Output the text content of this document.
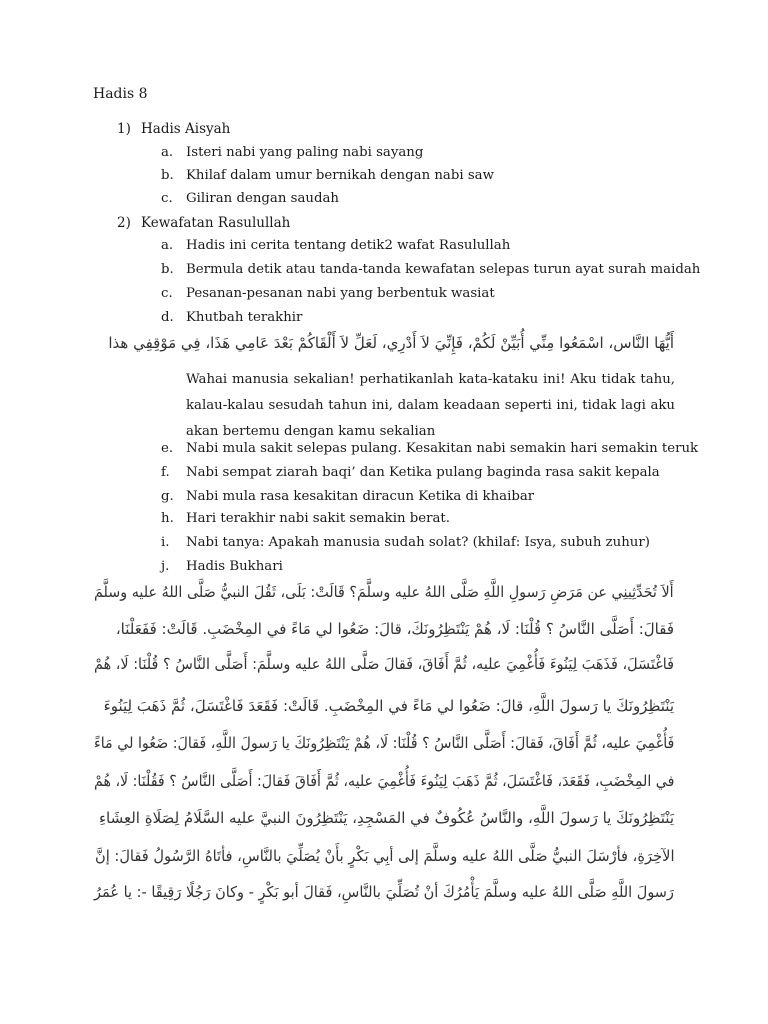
Hadis 8
1) Hadis Aisyah
a. Isteri nabi yang paling nabi sayang
b. Khilaf dalam umur bernikah dengan nabi saw
c. Giliran dengan saudah
2) Kewafatan Rasulullah
a. Hadis ini cerita tentang detik2 wafat Rasulullah
b. Bermula detik atau tanda-tanda kewafatan selepas turun ayat surah maidah
c. Pesanan-pesanan nabi yang berbentuk wasiat
d. Khutbah terakhir
أَيُّهَا النَّاس، اسْمَعُوا مِنِّي أُبَيِّنْ لَكُمْ، فَإِنِّيَ لاَ أَدْرِي، لَعَلِّ لاَ أَلْقَاكُمْ بَعْدَ عَامِي هَذَا، فِي مَوْقِفِي هذا
Wahai manusia sekalian! perhatikanlah kata-kataku ini! Aku tidak tahu, kalau-kalau sesudah tahun ini, dalam keadaan seperti ini, tidak lagi aku akan bertemu dengan kamu sekalian
e. Nabi mula sakit selepas pulang. Kesakitan nabi semakin hari semakin teruk
f. Nabi sempat ziarah baqi’ dan Ketika pulang baginda rasa sakit kepala
g. Nabi mula rasa kesakitan diracun Ketika di khaibar
h. Hari terakhir nabi sakit semakin berat.
i. Nabi tanya: Apakah manusia sudah solat? (khilaf: Isya, subuh zuhur)
j. Hadis Bukhari
أَلاَ تُحَدِّثِينِي عن مَرَضِ رَسولِ اللَّهِ صَلَّى اللهُ عليه وسلَّمَ؟ قَالَتْ: بَلَى، ثَقُلَ النبيُّ صَلَّى اللهُ عليه وسلَّمَ
فَقالَ: أَصَلَّى النَّاسُ ؟ قُلْنَا: لَا، هُمْ يَنْتَظِرُونَكَ، قالَ: ضَعُوا لي مَاءً في المِخْضَبِ. قَالَتْ: فَفَعَلْنَا،
فَاغْتَسَلَ، فَذَهَبَ لِيَنُوءَ فَأُغْمِيَ عليه، ثُمَّ أَفَاقَ، فَقالَ صَلَّى اللهُ عليه وسلَّمَ: أَصَلَّى النَّاسُ ؟ قُلْنَا: لَا، هُمْ
يَنْتَظِرُونَكَ يا رَسولَ اللَّهِ، قالَ: ضَعُوا لي مَاءً في المِخْضَبِ. قَالَتْ: فَقَعَدَ فَاغْتَسَلَ، ثُمَّ ذَهَبَ لِيَنُوءَ
فَأُغْمِيَ عليه، ثُمَّ أَفَاقَ، فَقالَ: أَصَلَّى النَّاسُ ؟ قُلْنَا: لَا، هُمْ يَنْتَظِرُونَكَ يا رَسولَ اللَّهِ، فَقالَ: ضَعُوا لي مَاءً
في المِخْضَبِ، فَقَعَدَ، فَاغْتَسَلَ، ثُمَّ ذَهَبَ لِيَنُوءَ فَأُغْمِيَ عليه، ثُمَّ أَفَاقَ فَقالَ: أَصَلَّى النَّاسُ ؟ فَقُلْنَا: لَا، هُمْ
يَنْتَظِرُونَكَ يا رَسولَ اللَّهِ، والنَّاسُ عُكُوفٌ في المَسْجِدِ، يَنْتَظِرُونَ النبيَّ عليه السَّلَامُ لِصَلَاةِ العِشَاءِ
الآخِرَةِ، فأرْسَلَ النبيُّ صَلَّى اللهُ عليه وسلَّمَ إلى أبِي بَكْرٍ بأَنْ يُصَلِّيَ بالنَّاسِ، فأتَاهُ الرَّسُولُ فَقالَ: إنَّ
رَسولَ اللَّهِ صَلَّى اللهُ عليه وسلَّمَ يَأْمُرُكَ أنْ تُصَلِّيَ بالنَّاسِ، فَقالَ أبو بَكْرٍ - وكانَ رَجُلًا رَقِيقًا -: يا عُمَرُ
